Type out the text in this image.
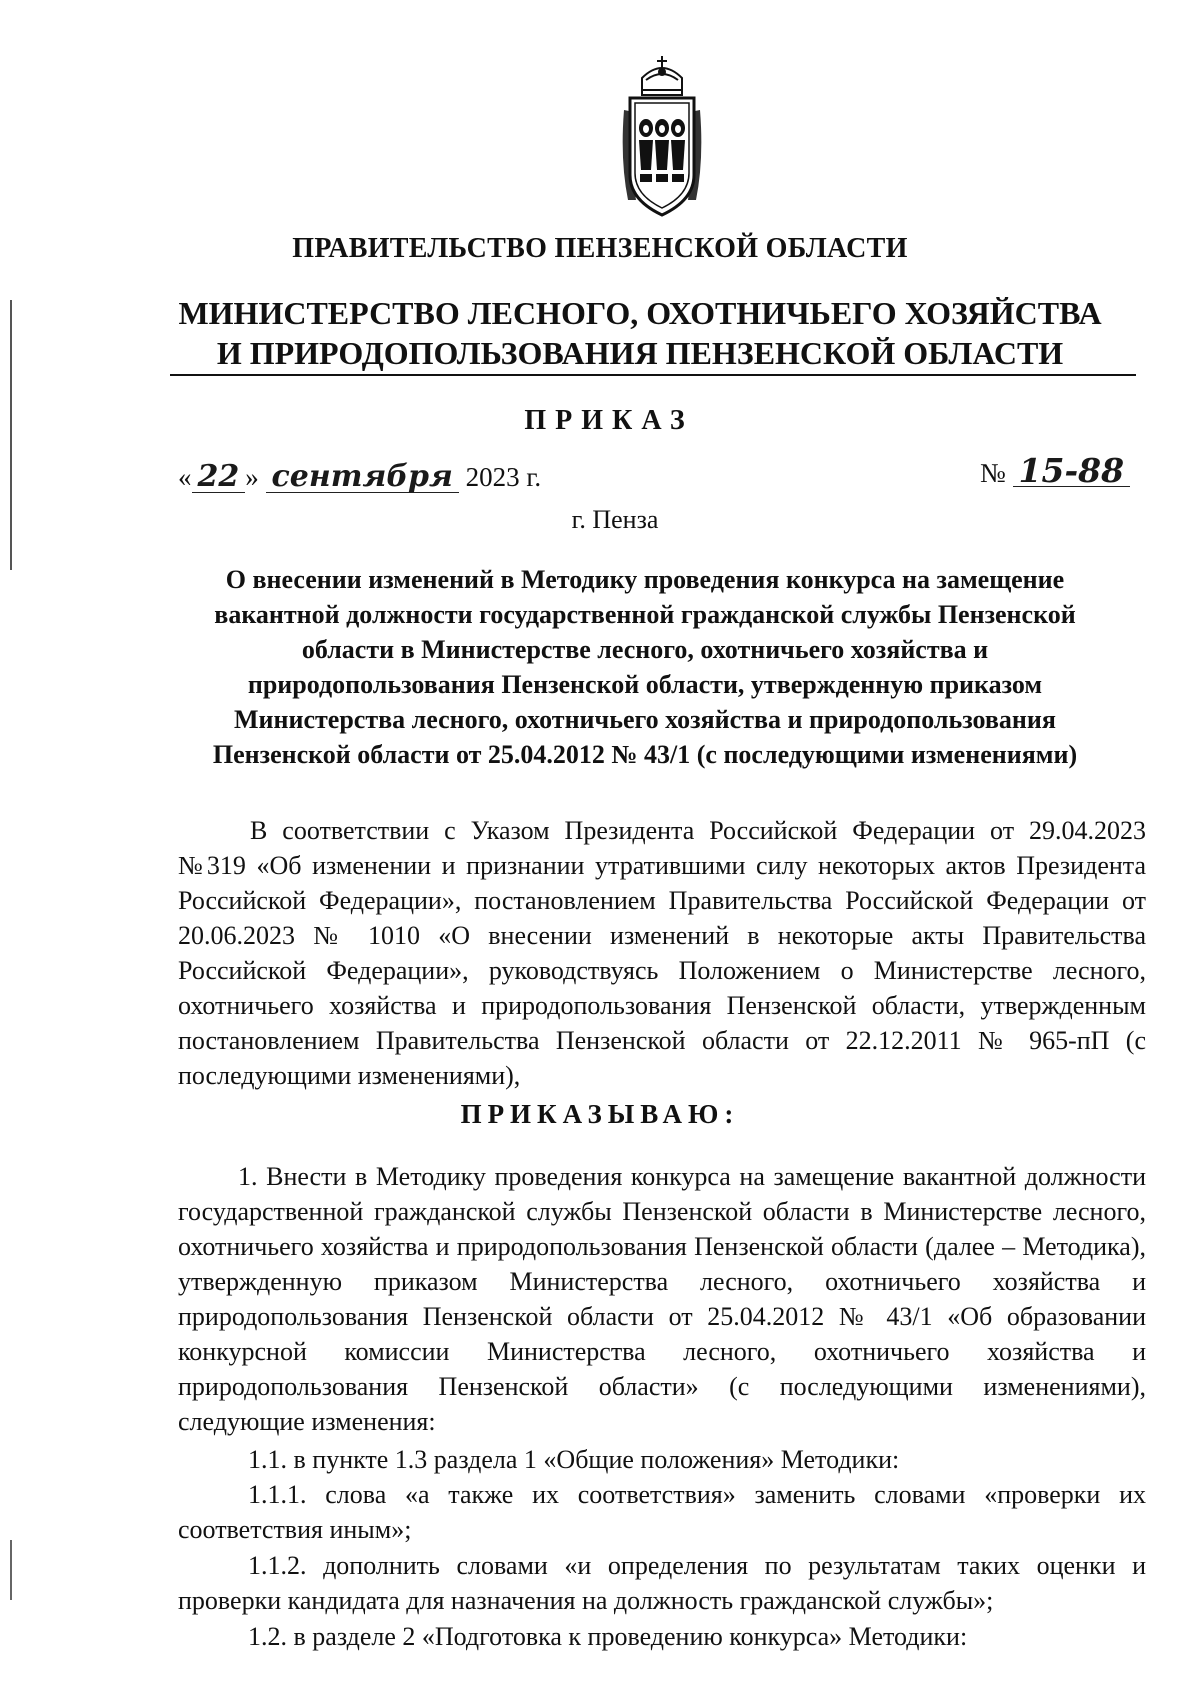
ПРАВИТЕЛЬСТВО ПЕНЗЕНСКОЙ ОБЛАСТИ
МИНИСТЕРСТВО ЛЕСНОГО, ОХОТНИЧЬЕГО ХОЗЯЙСТВА
И ПРИРОДОПОЛЬЗОВАНИЯ ПЕНЗЕНСКОЙ ОБЛАСТИ
ПРИКАЗ
« 22 » сентября 2023 г.	№ 15-88
г. Пенза
О внесении изменений в Методику проведения конкурса на замещение вакантной должности государственной гражданской службы Пензенской области в Министерстве лесного, охотничьего хозяйства и природопользования Пензенской области, утвержденную приказом Министерства лесного, охотничьего хозяйства и природопользования Пензенской области от 25.04.2012 № 43/1 (с последующими изменениями)
В соответствии с Указом Президента Российской Федерации от 29.04.2023 №319 «Об изменении и признании утратившими силу некоторых актов Президента Российской Федерации», постановлением Правительства Российской Федерации от 20.06.2023 № 1010 «О внесении изменений в некоторые акты Правительства Российской Федерации», руководствуясь Положением о Министерстве лесного, охотничьего хозяйства и природопользования Пензенской области, утвержденным постановлением Правительства Пензенской области от 22.12.2011 № 965-пП (с последующими изменениями),
ПРИКАЗЫВАЮ:
1. Внести в Методику проведения конкурса на замещение вакантной должности государственной гражданской службы Пензенской области в Министерстве лесного, охотничьего хозяйства и природопользования Пензенской области (далее – Методика), утвержденную приказом Министерства лесного, охотничьего хозяйства и природопользования Пензенской области от 25.04.2012 № 43/1 «Об образовании конкурсной комиссии Министерства лесного, охотничьего хозяйства и природопользования Пензенской области» (с последующими изменениями), следующие изменения:
1.1. в пункте 1.3 раздела 1 «Общие положения» Методики:
1.1.1. слова «а также их соответствия» заменить словами «проверки их соответствия иным»;
1.1.2. дополнить словами «и определения по результатам таких оценки и проверки кандидата для назначения на должность гражданской службы»;
1.2. в разделе 2 «Подготовка к проведению конкурса» Методики:
